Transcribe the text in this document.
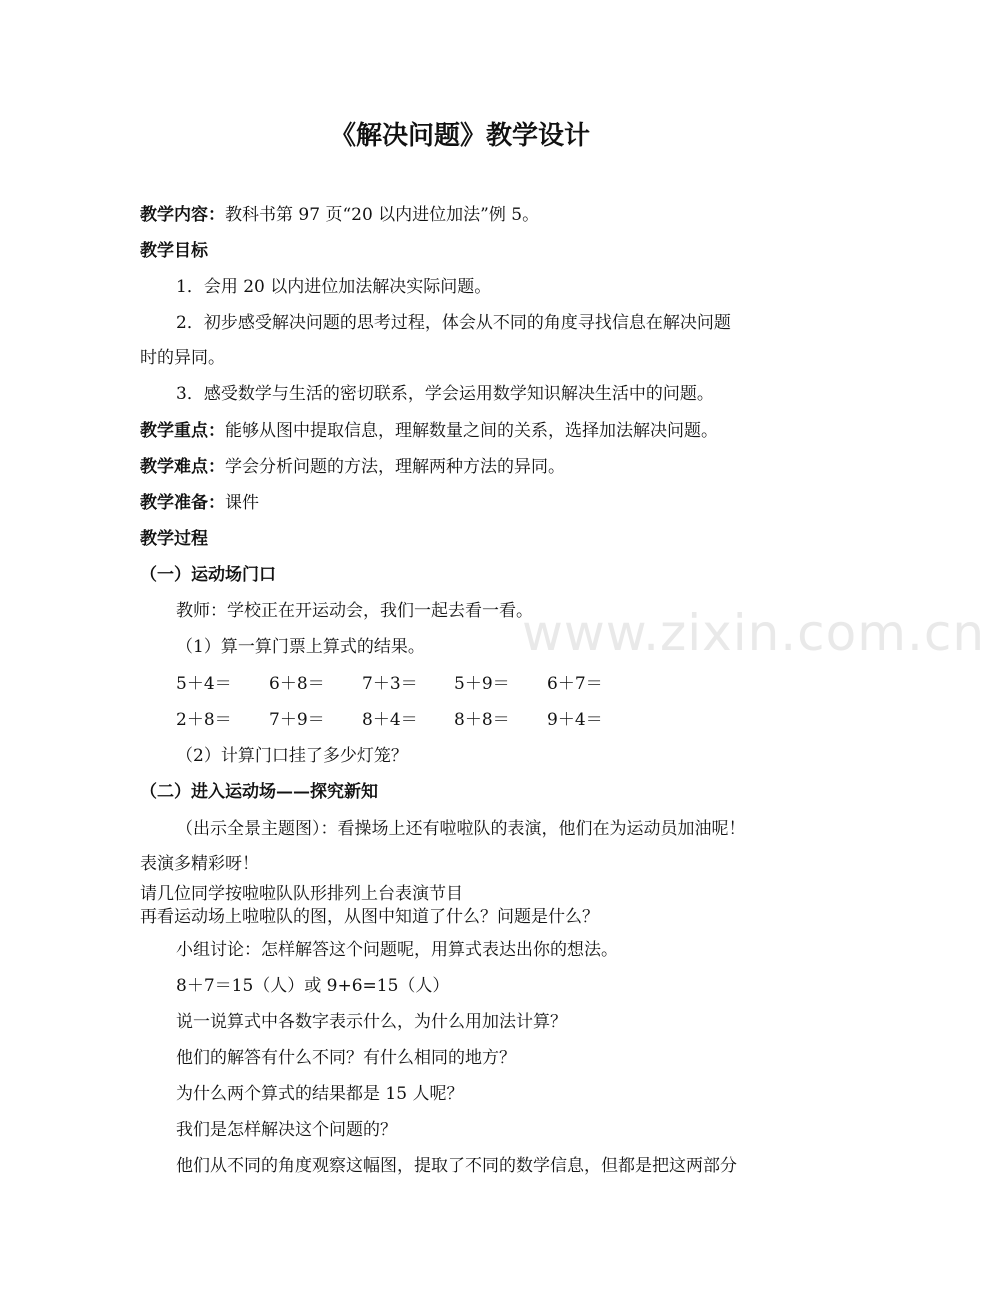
www.zixin.com.cn
《解决问题》教学设计
教学内容：教科书第 97 页“20 以内进位加法”例 5。
教学目标
1．会用 20 以内进位加法解决实际问题。
2．初步感受解决问题的思考过程，体会从不同的角度寻找信息在解决问题
时的异同。
3．感受数学与生活的密切联系，学会运用数学知识解决生活中的问题。
教学重点：能够从图中提取信息，理解数量之间的关系，选择加法解决问题。
教学难点：学会分析问题的方法，理解两种方法的异同。
教学准备：课件
教学过程
（一）运动场门口
教师：学校正在开运动会，我们一起去看一看。
（1）算一算门票上算式的结果。
5＋4＝ 6＋8＝ 7＋3＝ 5＋9＝ 6＋7＝
2＋8＝ 7＋9＝ 8＋4＝ 8＋8＝ 9＋4＝
（2）计算门口挂了多少灯笼？
（二）进入运动场——探究新知
（出示全景主题图）：看操场上还有啦啦队的表演，他们在为运动员加油呢！
表演多精彩呀！
请几位同学按啦啦队队形排列上台表演节目
再看运动场上啦啦队的图，从图中知道了什么？问题是什么？
小组讨论：怎样解答这个问题呢，用算式表达出你的想法。
8＋7＝15（人）或 9+6=15（人）
说一说算式中各数字表示什么，为什么用加法计算？
他们的解答有什么不同？有什么相同的地方？
为什么两个算式的结果都是 15 人呢？
我们是怎样解决这个问题的？
他们从不同的角度观察这幅图，提取了不同的数学信息，但都是把这两部分
